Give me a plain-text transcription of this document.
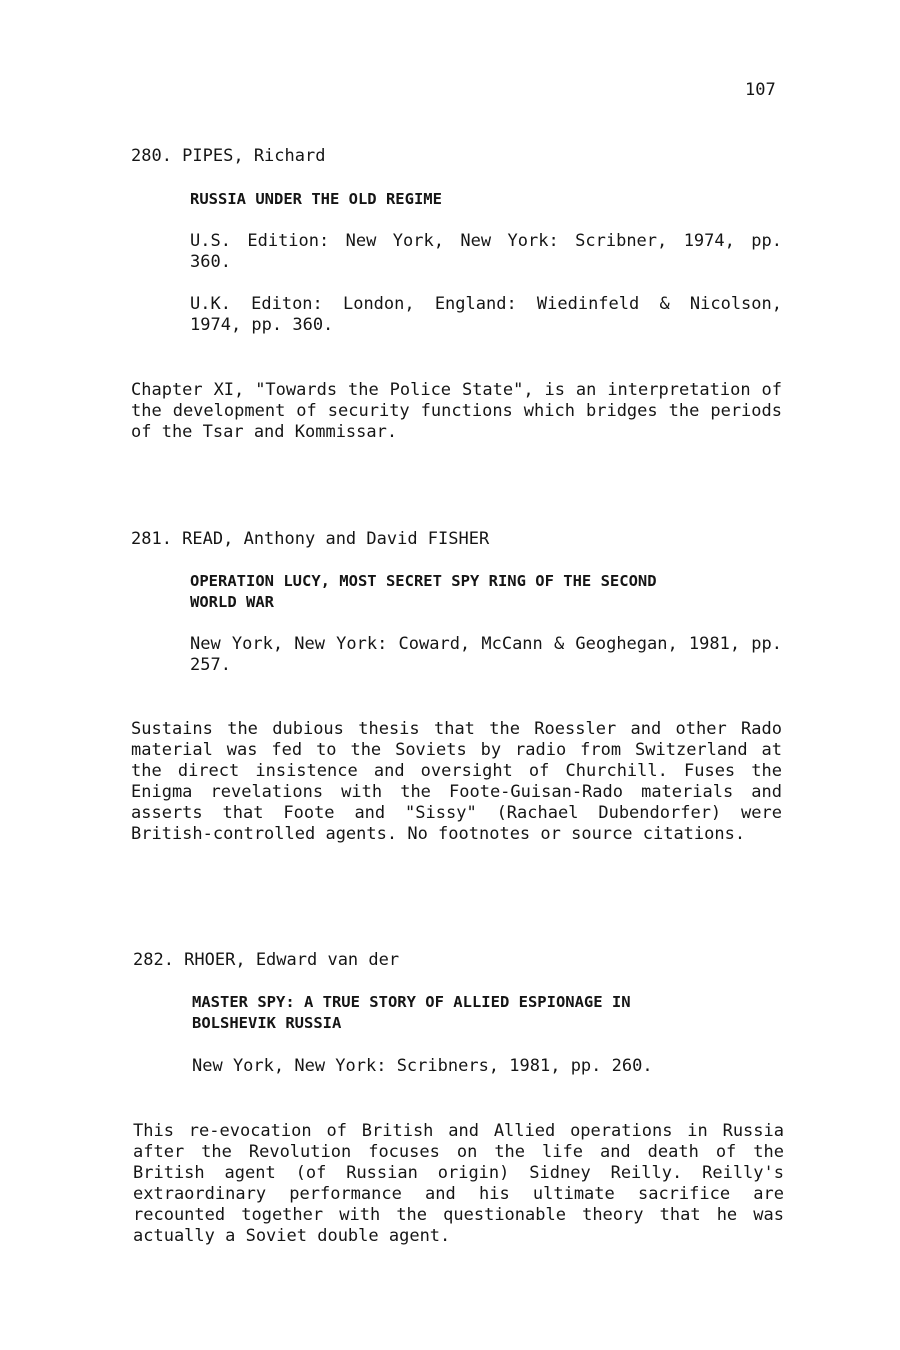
107
280. PIPES, Richard
RUSSIA UNDER THE OLD REGIME
U.S. Edition: New York, New York: Scribner, 1974, pp. 360.
U.K. Editon: London, England: Wiedinfeld & Nicolson, 1974, pp. 360.
Chapter XI, "Towards the Police State", is an interpretation of the development of security functions which bridges the periods of the Tsar and Kommissar.
281. READ, Anthony and David FISHER
OPERATION LUCY, MOST SECRET SPY RING OF THE SECOND
WORLD WAR
New York, New York: Coward, McCann & Geoghegan, 1981, pp. 257.
Sustains the dubious thesis that the Roessler and other Rado material was fed to the Soviets by radio from Switzerland at the direct insistence and oversight of Churchill. Fuses the Enigma revelations with the Foote-Guisan-Rado materials and asserts that Foote and "Sissy" (Rachael Dubendorfer) were British-controlled agents. No footnotes or source citations.
282. RHOER, Edward van der
MASTER SPY: A TRUE STORY OF ALLIED ESPIONAGE IN
BOLSHEVIK RUSSIA
New York, New York: Scribners, 1981, pp. 260.
This re-evocation of British and Allied operations in Russia after the Revolution focuses on the life and death of the British agent (of Russian origin) Sidney Reilly. Reilly's extraordinary performance and his ultimate sacrifice are recounted together with the questionable theory that he was actually a Soviet double agent.
